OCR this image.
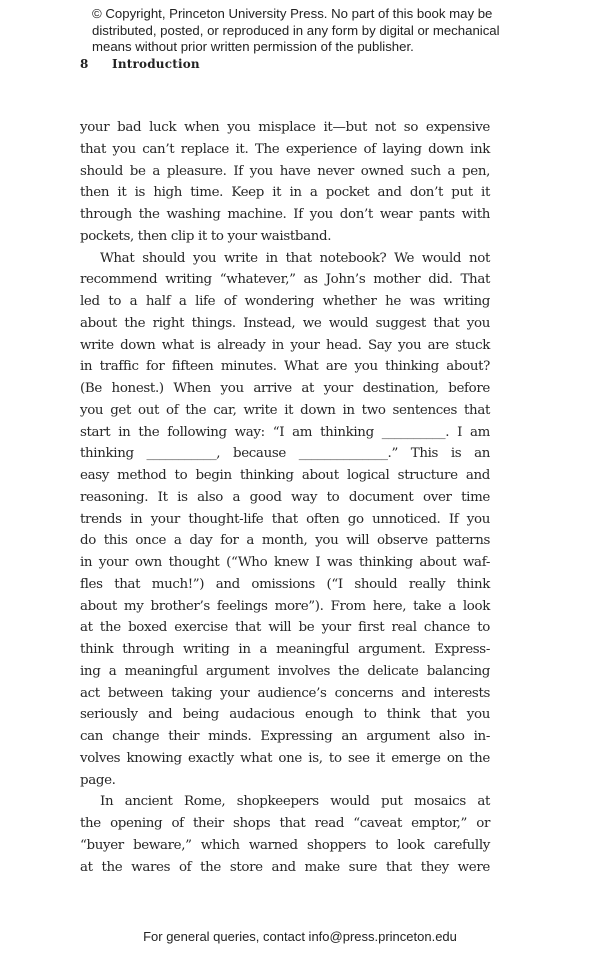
© Copyright, Princeton University Press. No part of this book may be
distributed, posted, or reproduced in any form by digital or mechanical
means without prior written permission of the publisher.
8 Introduction
your bad luck when you misplace it—but not so expensive
that you can’t replace it. The experience of laying down ink
should be a pleasure. If you have never owned such a pen,
then it is high time. Keep it in a pocket and don’t put it
through the washing machine. If you don’t wear pants with
pockets, then clip it to your waistband.
What should you write in that notebook? We would not
recommend writing “whatever,” as John’s mother did. That
led to a half a life of wondering whether he was writing
about the right things. Instead, we would suggest that you
write down what is already in your head. Say you are stuck
in traffic for fifteen minutes. What are you thinking about?
(Be honest.) When you arrive at your destination, before
you get out of the car, write it down in two sentences that
start in the following way: “I am thinking __________. I am
thinking ___________, because ______________.” This is an
easy method to begin thinking about logical structure and
reasoning. It is also a good way to document over time
trends in your thought-life that often go unnoticed. If you
do this once a day for a month, you will observe patterns
in your own thought (“Who knew I was thinking about waf-
fles that much!”) and omissions (“I should really think
about my brother’s feelings more”). From here, take a look
at the boxed exercise that will be your first real chance to
think through writing in a meaningful argument. Express-
ing a meaningful argument involves the delicate balancing
act between taking your audience’s concerns and interests
seriously and being audacious enough to think that you
can change their minds. Expressing an argument also in-
volves knowing exactly what one is, to see it emerge on the
page.
In ancient Rome, shopkeepers would put mosaics at
the opening of their shops that read “caveat emptor,” or
“buyer beware,” which warned shoppers to look carefully
at the wares of the store and make sure that they were
For general queries, contact info@press.princeton.edu
